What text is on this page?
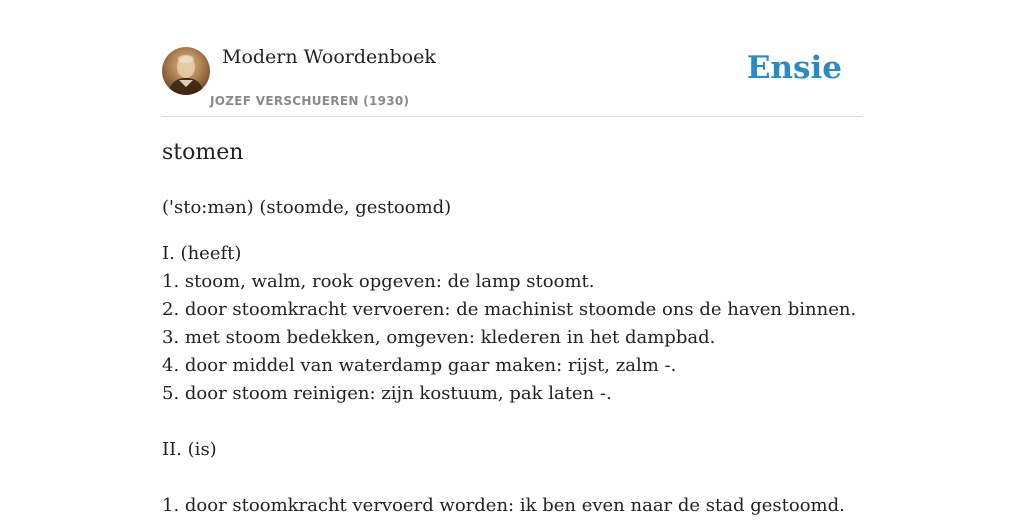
Modern Woordenboek
JOZEF VERSCHUEREN (1930)
Ensie
stomen

('sto:mən) (stoomde, gestoomd)

I. (heeft)

1. stoom, walm, rook opgeven: de lamp stoomt.

2. door stoomkracht vervoeren: de machinist stoomde ons de haven binnen.

3. met stoom bedekken, omgeven: klederen in het dampbad.

4. door middel van waterdamp gaar maken: rijst, zalm -.

5. door stoom reinigen: zijn kostuum, pak laten -.

II. (is)

1. door stoomkracht vervoerd worden: ik ben even naar de stad gestoomd.
